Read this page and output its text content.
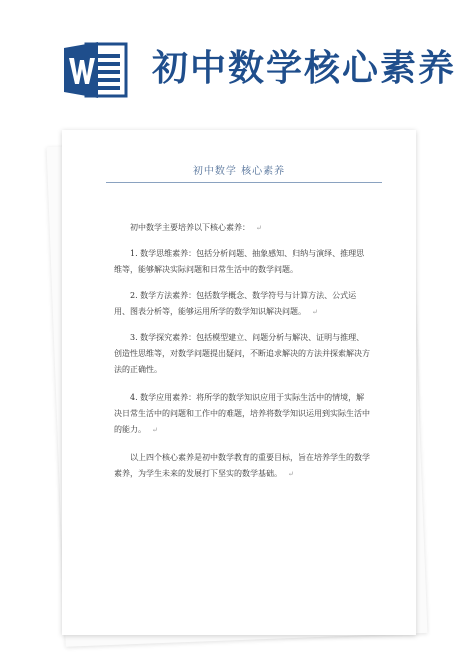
初中数学核心素养
初中数学 核心素养

初中数学主要培养以下核心素养： ↵

1. 数学思维素养：包括分析问题、抽象感知、归纳与演绎、推理思维等，能够解决实际问题和日常生活中的数学问题。

2. 数学方法素养：包括数学概念、数学符号与计算方法、公式运用、图表分析等，能够运用所学的数学知识解决问题。 ↵

3. 数学探究素养：包括模型建立、问题分析与解决、证明与推理、创造性思维等，对数学问题提出疑问，不断追求解决的方法并探索解决方法的正确性。

4. 数学应用素养：将所学的数学知识应用于实际生活中的情境，解决日常生活中的问题和工作中的难题，培养将数学知识运用到实际生活中的能力。 ↵

以上四个核心素养是初中数学教育的重要目标，旨在培养学生的数学素养，为学生未来的发展打下坚实的数学基础。 ↵
